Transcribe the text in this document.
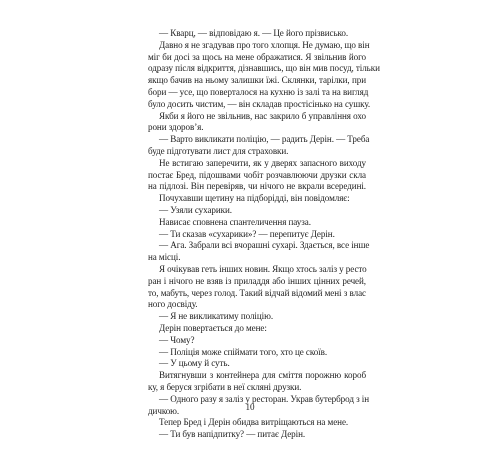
— Кварц, — відповідаю я. — Це його прізвисько.
Давно я не згадував про того хлопця. Не думаю, що він
міг би досі за щось на мене ображатися. Я звільнив його
одразу після відкриття, дізнавшись, що він мив посуд, тільки
якщо бачив на ньому залишки їжі. Склянки, тарілки, при
бори — усе, що поверталося на кухню із залі та на вигляд
було досить чистим, — він складав простісінько на сушку.
Якби я його не звільнив, нас закрило б управління охо
рони здоров’я.
— Варто викликати поліцію, — радить Дерін. — Треба
буде підготувати лист для страховки.
Не встигаю заперечити, як у дверях запасного виходу
постає Бред, підошвами чобіт розчавлюючи друзки скла
на підлозі. Він перевіряв, чи нічого не вкрали всередині.
Почухавши щетину на підборідді, він повідомляє:
— Узяли сухарики.
Нависає сповнена спантеличення пауза.
— Ти сказав «сухарики»? — перепитує Дерін.
— Ага. Забрали всі вчорашні сухарі. Здається, все інше
на місці.
Я очікував геть інших новин. Якщо хтось заліз у ресто
ран і нічого не взяв із приладдя або інших цінних речей,
то, мабуть, через голод. Такий відчай відомий мені з влас
ного досвіду.
— Я не викликатиму поліцію.
Дерін повертається до мене:
— Чому?
— Поліція може спіймати того, хто це скоїв.
— У цьому й суть.
Витягнувши з контейнера для сміття порожню короб
ку, я беруся згрібати в неї скляні друзки.
— Одного разу я заліз у ресторан. Украв бутерброд з ін
дичкою.
Тепер Бред і Дерін обидва витріщаються на мене.
— Ти був напідпитку? — питає Дерін.
10
